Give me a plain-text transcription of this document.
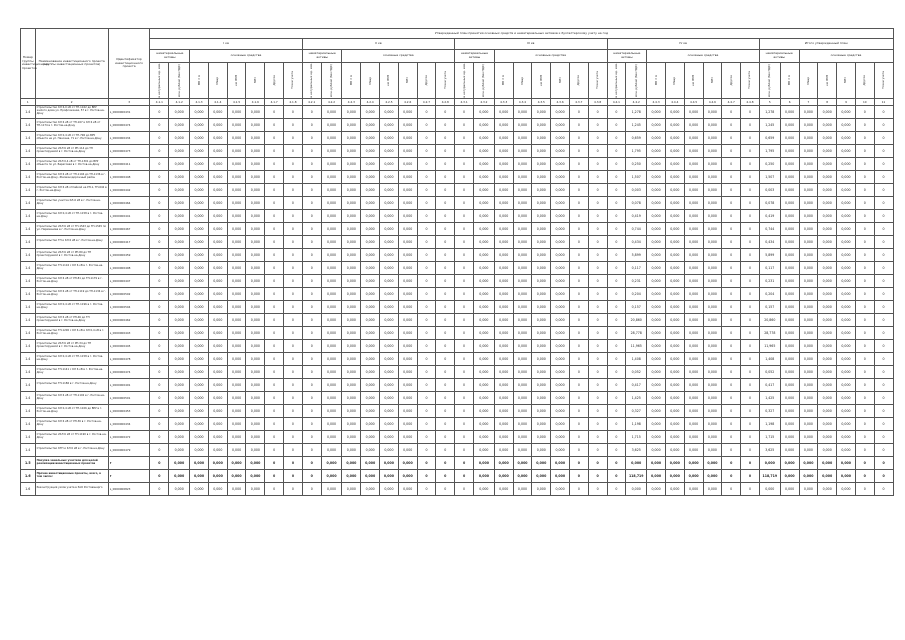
Номер группы инвестиционных проектов	Наименование инвестиционного проекта (группы инвестиционных проектов)	Идентификатор инвестиционного проекта	Утвержденный план принятия основных средств и нематериальных активов к бухгалтерскому учету на год																																						
			I кв								II кв								III кв								IV кв								Итого утвержденный план						
			нематериальные активы		основные средства						нематериальные активы		основные средства						нематериальные активы		основные средства						нематериальные активы		основные средства						нематериальные активы		основные средства				

			в натуральных ед. изм.	млн. рублей (без НДС)	МВ×А	Мвар	км ЛЭП	МВт	Другое	Точки учета	в натуральных ед. изм.	млн. рублей (без НДС)	МВ×А	Мвар	км ЛЭП	МВт	Другое	Точки учета	в натуральных ед. изм.	млн. рублей (без НДС)	МВ×А	Мвар	км ЛЭП	МВт	Другое	Точки учета	в натуральных ед. изм.	млн. рублей (без НДС)	МВ×А	Мвар	км ЛЭП	МВт	Другое	Точки учета	млн. рублей (без НДС)	МВ×А	Мвар	км ЛЭП	МВт	Другое	Точки учета

1	2	3	4.1.1	4.1.2	4.1.3	4.1.4	4.1.5	4.1.6	4.1.7	4.1.8	4.2.1	4.2.2	4.2.3	4.2.4	4.2.5	4.2.6	4.2.7	4.2.8	4.3.1	4.3.2	4.3.3	4.3.4	4.3.5	4.3.6	4.3.7	4.3.8	4.4.1	4.4.2	4.4.3	4.4.4	4.4.5	4.4.6	4.4.7	4.4.8	5	6	7	8	9	10	11
1.4	Строительство КЛ 6,0 кВ от ТП-1162 до ВРУ жилого дома ул. Профсоюзная, 57 в г. Ростов-на-Дону	L_0000000431	0	0,000	0,000	0,000	0,000	0,000	0	0	0	0,000	0,000	0,000	0,000	0,000	0	0	0	0,000	0,000	0,000	0,000	0,000	0	0	0	1,278	0,000	0,000	0,000	0,000	0	0	1,278	0,000	0,000	0,000	0,000	0	0
1.4	Строительство КЛ 6 кВ от ТП-167 и КЛ 6 кВ от ТП-1174 в г. Ростов-на-Дону	L_0000000474	0	0,000	0,000	0,000	0,000	0,000	0	0	0	0,000	0,000	0,000	0,000	0,000	0	0	0	0,000	0,000	0,000	0,000	0,000	0	0	0	1,245	0,000	0,000	0,000	0,000	0	0	1,245	0,000	0,000	0,000	0,000	0	0
1.4	Строительство КЛ 0,4 кВ от ТП-796 до ВРУ объекта на ул. Нансена, 71 в г. Ростов-на-Дону	L_0000000434	0	0,000	0,000	0,000	0,000	0,000	0	0	0	0,000	0,000	0,000	0,000	0,000	0	0	0	0,000	0,000	0,000	0,000	0,000	0	0	0	0,659	0,000	0,000	0,000	0,000	0	0	0,659	0,000	0,000	0,000	0,000	0	0
1.4	Строительство 2КЛ 6 кВ от РП-114 до ТП проектируемой в г. Ростов-на-Дону	L_0000000473	0	0,000	0,000	0,000	0,000	0,000	0	0	0	0,000	0,000	0,000	0,000	0,000	0	0	0	0,000	0,000	0,000	0,000	0,000	0	0	0	1,795	0,000	0,000	0,000	0,000	0	0	1,795	0,000	0,000	0,000	0,000	0	0
1.4	Строительство 2КЛ 0,4 кВ от ТП-1301 до ВРУ объекта по ул. Береговая в г. Ростов-на-Дону	L_0000000411	0	0,000	0,000	0,000	0,000	0,000	0	0	0	0,000	0,000	0,000	0,000	0,000	0	0	0	0,000	0,000	0,000	0,000	0,000	0	0	0	0,250	0,000	0,000	0,000	0,000	0	0	0,250	0,000	0,000	0,000	0,000	0	0
1.4	Строительство КЛ 6 кВ от ТП-1104 до ТП-1136 в г. Ростов-на-Дону, Железнодорожный район	L_0000000448	0	0,000	0,000	0,000	0,000	0,000	0	0	0	0,000	0,000	0,000	0,000	0,000	0	0	0	0,000	0,000	0,000	0,000	0,000	0	0	0	1,507	0,000	0,000	0,000	0,000	0	0	1,507	0,000	0,000	0,000	0,000	0	0
1.4	Строительство КЛ 6 кВ отпайкой на РП-1, ТП-642 в г. Ростов-на-Дону	L_0000000442	0	0,000	0,000	0,000	0,000	0,000	0	0	0	0,000	0,000	0,000	0,000	0,000	0	0	0	0,000	0,000	0,000	0,000	0,000	0	0	0	0,003	0,000	0,000	0,000	0,000	0	0	0,003	0,000	0,000	0,000	0,000	0	0
1.4	Строительство участка КЛ-6 кВ в г. Ростов-на-Дону	L_0000000464	0	0,000	0,000	0,000	0,000	0,000	0	0	0	0,000	0,000	0,000	0,000	0,000	0	0	0	0,000	0,000	0,000	0,000	0,000	0	0	0	0,078	0,000	0,000	0,000	0,000	0	0	0,078	0,000	0,000	0,000	0,000	0	0
1.4	Строительство КЛ 0,4 кВ от ТП-1158 в г. Ростов-на-Дону	L_0000000441	0	0,000	0,000	0,000	0,000	0,000	0	0	0	0,000	0,000	0,000	0,000	0,000	0	0	0	0,000	0,000	0,000	0,000	0,000	0	0	0	0,419	0,000	0,000	0,000	0,000	0	0	0,419	0,000	0,000	0,000	0,000	0	0
1.4	Строительство 2КЛ 6 кВ от ТП-1543 до ТП-1545 по ул. Нариманова в г. Ростов-на-Дону	L_0000000467	0	0,000	0,000	0,000	0,000	0,000	0	0	0	0,000	0,000	0,000	0,000	0,000	0	0	0	0,000	0,000	0,000	0,000	0,000	0	0	0	0,744	0,000	0,000	0,000	0,000	0	0	0,744	0,000	0,000	0,000	0,000	0	0
1.4	Строительство ТП и КЛ 6 кВ в г. Ростов-на-Дону	L_0000000417	0	0,000	0,000	0,000	0,000	0,000	0	0	0	0,000	0,000	0,000	0,000	0,000	0	0	0	0,000	0,000	0,000	0,000	0,000	0	0	0	0,434	0,000	0,000	0,000	0,000	0	0	0,434	0,000	0,000	0,000	0,000	0	0
1.4	Строительство 2КЛ 6 кВ от РП-80 до ТП проектируемой в г. Ростов-на-Дону	L_0000000459	0	0,000	0,000	0,000	0,000	0,000	0	0	0	0,000	0,000	0,000	0,000	0,000	0	0	0	0,000	0,000	0,000	0,000	0,000	0	0	0	5,899	0,000	0,000	0,000	0,000	0	0	5,899	0,000	0,000	0,000	0,000	0	0
1.4	Строительство ТП-1116 с КЛ 6 кВ в г. Ростов-на-Дону	L_0000000408	0	0,000	0,000	0,000	0,000	0,000	0	0	0	0,000	0,000	0,000	0,000	0,000	0	0	0	0,000	0,000	0,000	0,000	0,000	0	0	0	0,117	0,000	0,000	0,000	0,000	0	0	0,117	0,000	0,000	0,000	0,000	0	0
1.4	Строительство КЛ 6 кВ от РП-81 до ТП-1179 в г. Ростов-на-Дону	L_0000000447	0	0,000	0,000	0,000	0,000	0,000	0	0	0	0,000	0,000	0,000	0,000	0,000	0	0	0	0,000	0,000	0,000	0,000	0,000	0	0	0	0,231	0,000	0,000	0,000	0,000	0	0	0,231	0,000	0,000	0,000	0,000	0	0
1.4	Строительство КЛ 6 кВ от ТП-1119 до ТП-1134 в г. Ростов-на-Дону	L_0000000502	0	0,000	0,000	0,000	0,000	0,000	0	0	0	0,000	0,000	0,000	0,000	0,000	0	0	0	0,000	0,000	0,000	0,000	0,000	0	0	0	0,204	0,000	0,000	0,000	0,000	0	0	0,204	0,000	0,000	0,000	0,000	0	0
1.4	Строительство КЛ 0,4 кВ от ТП-1196 в г. Ростов-на-Дону	L_0000000504	0	0,000	0,000	0,000	0,000	0,000	0	0	0	0,000	0,000	0,000	0,000	0,000	0	0	0	0,000	0,000	0,000	0,000	0,000	0	0	0	0,157	0,000	0,000	0,000	0,000	0	0	0,157	0,000	0,000	0,000	0,000	0	0
1.4	Строительство КЛ 6 кВ от РП-46 до ТП проектируемой в г. Ростов-на-Дону	L_0000000462	0	0,000	0,000	0,000	0,000	0,000	0	0	0	0,000	0,000	0,000	0,000	0,000	0	0	0	0,000	0,000	0,000	0,000	0,000	0	0	0	20,860	0,000	0,000	0,000	0,000	0	0	20,860	0,000	0,000	0,000	0,000	0	0
1.4	Строительство ТП-1200 с КЛ 6 кВ и КЛ 0,4 кВ в г. Ростов-на-Дону	L_0000000443	0	0,000	0,000	0,000	0,000	0,000	0	0	0	0,000	0,000	0,000	0,000	0,000	0	0	0	0,000	0,000	0,000	0,000	0,000	0	0	0	28,778	0,000	0,000	0,000	0,000	0	0	28,778	0,000	0,000	0,000	0,000	0	0
1.4	Строительство 2КЛ 6 кВ от РП-34 до ТП проектируемой в г. Ростов-на-Дону	L_0000000445	0	0,000	0,000	0,000	0,000	0,000	0	0	0	0,000	0,000	0,000	0,000	0,000	0	0	0	0,000	0,000	0,000	0,000	0,000	0	0	0	11,965	0,000	0,000	0,000	0,000	0	0	11,965	0,000	0,000	0,000	0,000	0	0
1.4	Строительство КЛ 0,4 кВ от ТП-1158 в г. Ростов-на-Дону	L_0000000478	0	0,000	0,000	0,000	0,000	0,000	0	0	0	0,000	0,000	0,000	0,000	0,000	0	0	0	0,000	0,000	0,000	0,000	0,000	0	0	0	1,408	0,000	0,000	0,000	0,000	0	0	1,408	0,000	0,000	0,000	0,000	0	0
1.4	Строительство ТП-1141 с КЛ 6 кВ в г. Ростов-на-Дону	L_0000000474	0	0,000	0,000	0,000	0,000	0,000	0	0	0	0,000	0,000	0,000	0,000	0,000	0	0	0	0,000	0,000	0,000	0,000	0,000	0	0	0	0,052	0,000	0,000	0,000	0,000	0	0	0,052	0,000	0,000	0,000	0,000	0	0
1.4	Строительство ТП-1186 в г. Ростов-на-Дону	L_0000000491	0	0,000	0,000	0,000	0,000	0,000	0	0	0	0,000	0,000	0,000	0,000	0,000	0	0	0	0,000	0,000	0,000	0,000	0,000	0	0	0	0,417	0,000	0,000	0,000	0,000	0	0	0,417	0,000	0,000	0,000	0,000	0	0
1.4	Строительство КЛ 6 кВ от ТП-1102 в г. Ростов-на-Дону	L_0000000501	0	0,000	0,000	0,000	0,000	0,000	0	0	0	0,000	0,000	0,000	0,000	0,000	0	0	0	0,000	0,000	0,000	0,000	0,000	0	0	0	1,425	0,000	0,000	0,000	0,000	0	0	1,425	0,000	0,000	0,000	0,000	0	0
1.4	Строительство КЛ 0,4 кВ от ТП-1106 до ВРУ в г. Ростов-на-Дону	L_0000000453	0	0,000	0,000	0,000	0,000	0,000	0	0	0	0,000	0,000	0,000	0,000	0,000	0	0	0	0,000	0,000	0,000	0,000	0,000	0	0	0	0,327	0,000	0,000	0,000	0,000	0	0	0,327	0,000	0,000	0,000	0,000	0	0
1.4	Строительство КЛ 6 кВ от РП-36 в г. Ростов-на-Дону	L_0000000434	0	0,000	0,000	0,000	0,000	0,000	0	0	0	0,000	0,000	0,000	0,000	0,000	0	0	0	0,000	0,000	0,000	0,000	0,000	0	0	0	1,198	0,000	0,000	0,000	0,000	0	0	1,198	0,000	0,000	0,000	0,000	0	0
1.4	Строительство 2КЛ 6 кВ от ТП-1190 в г. Ростов-на-Дону	L_0000000472	0	0,000	0,000	0,000	0,000	0,000	0	0	0	0,000	0,000	0,000	0,000	0,000	0	0	0	0,000	0,000	0,000	0,000	0,000	0	0	0	1,715	0,000	0,000	0,000	0,000	0	0	1,715	0,000	0,000	0,000	0,000	0	0
1.4	Строительство КТП и КЛ 6 кВ в г. Ростов-на-Дону	L_0000000479	0	0,000	0,000	0,000	0,000	0,000	0	0	0	0,000	0,000	0,000	0,000	0,000	0	0	0	0,000	0,000	0,000	0,000	0,000	0	0	0	3,625	0,000	0,000	0,000	0,000	0	0	3,625	0,000	0,000	0,000	0,000	0	0
1.5	Покупка земельных участков для целей реализации инвестиционных проектов	Г	0	0,000	0,000	0,000	0,000	0,000	0	0	0	0,000	0,000	0,000	0,000	0,000	0	0	0	0,000	0,000	0,000	0,000	0,000	0	0	0	0,000	0,000	0,000	0,000	0,000	0	0	0,000	0,000	0,000	0,000	0,000	0	0
1.6	Прочие инвестиционные проекты, всего, в том числе:	Г	0	0,000	0,000	0,000	0,000	0,000	0	0	0	0,000	0,000	0,000	0,000	0,000	0	0	0	0,000	0,000	0,000	0,000	0,000	0	0	0	118,719	0,000	0,000	0,000	0,000	0	0	118,719	0,000	0,000	0,000	0,000	0	0
1.6	Реконструкция узлов учета в ЗАО Ростовэнерго	L_0000000823	0	0,000	0,000	0,000	0,000	0,000	0	0	0	0,000	0,000	0,000	0,000	0,000	0	0	0	0,000	0,000	0,000	0,000	0,000	0	0	0	0,000	0,000	0,000	0,000	0,000	0	0	0,000	0,000	0,000	0,000	0,000	0	0
